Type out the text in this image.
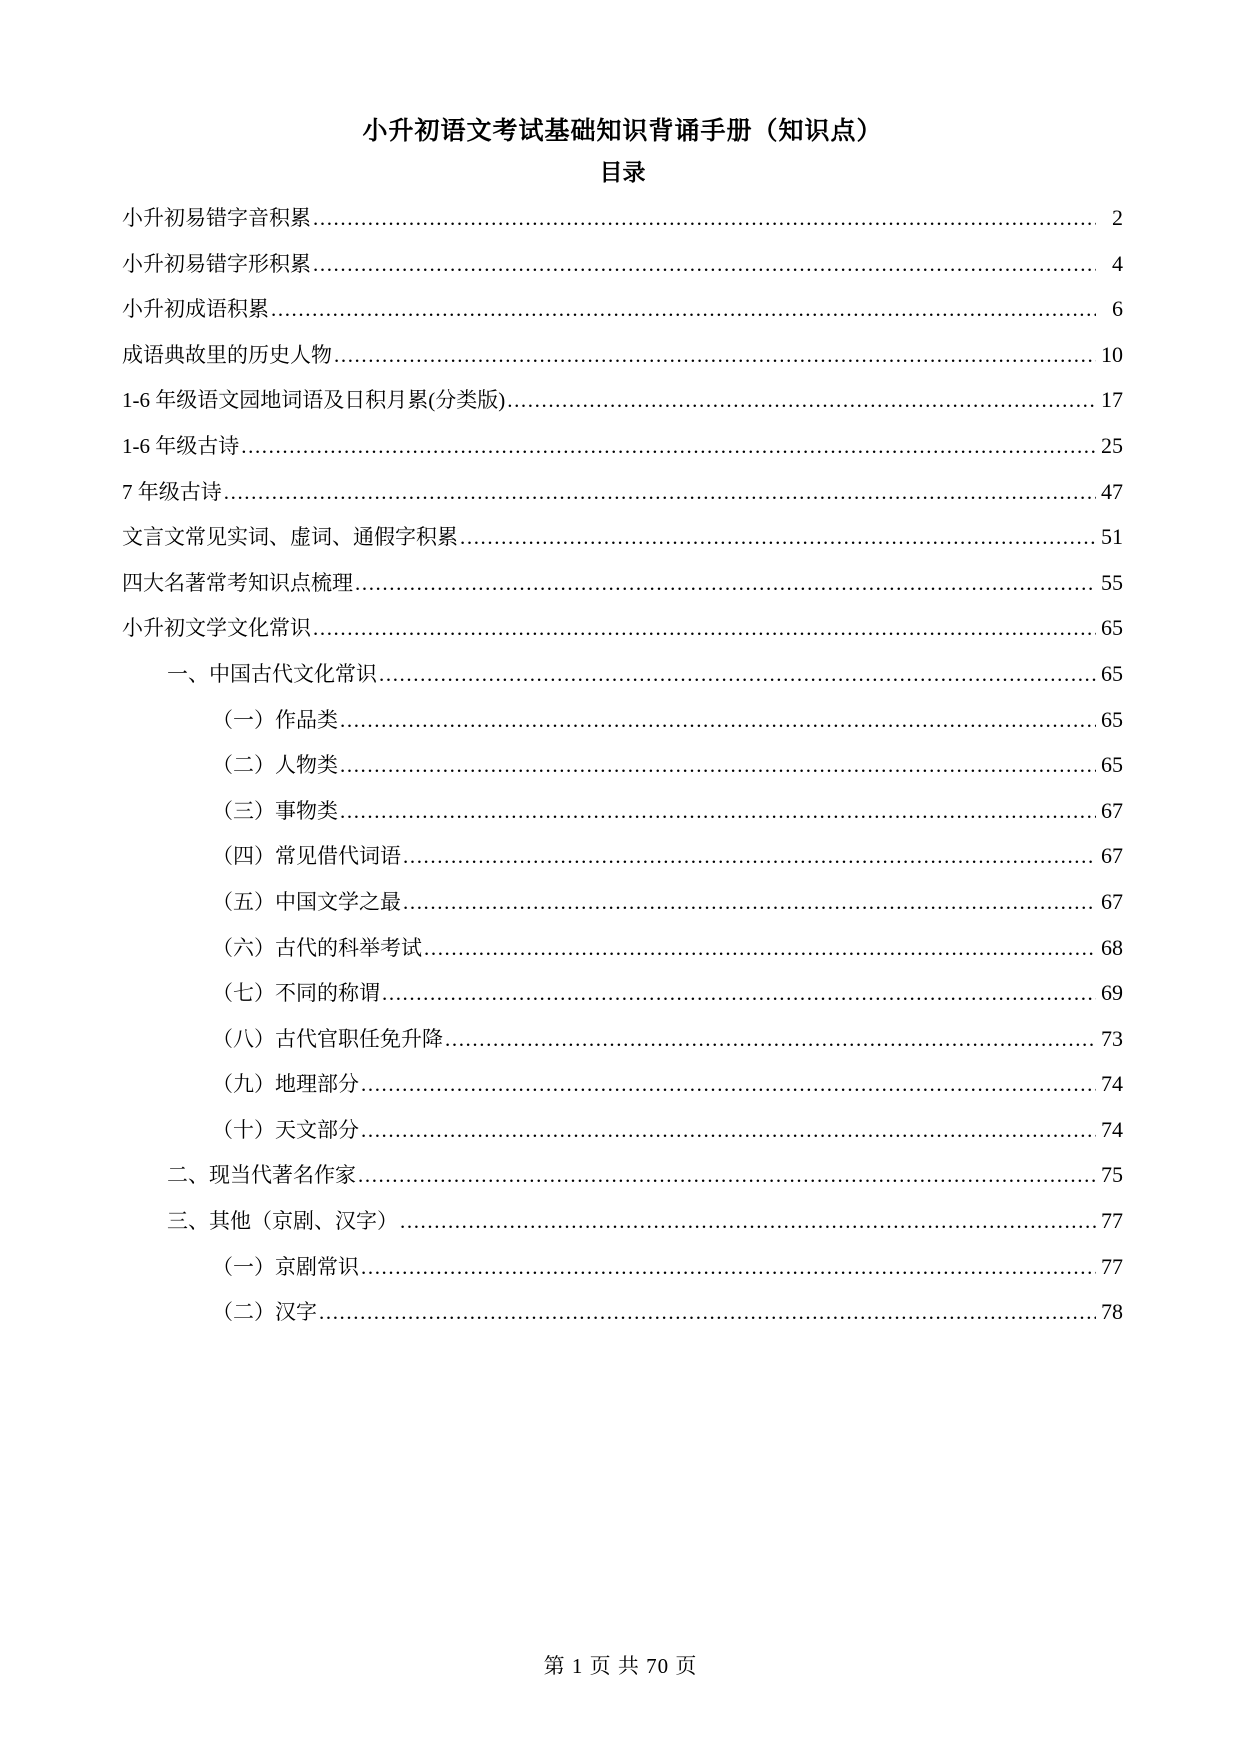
小升初语文考试基础知识背诵手册（知识点）
目录
小升初易错字音积累 .....	2
小升初易错字形积累 .....	4
小升初成语积累 .....	6
成语典故里的历史人物 .....	10
1-6 年级语文园地词语及日积月累(分类版) .....	17
1-6 年级古诗 .....	25
7 年级古诗 .....	47
文言文常见实词、虚词、通假字积累 .....	51
四大名著常考知识点梳理 .....	55
小升初文学文化常识 .....	65
一、中国古代文化常识 .....	65
（一）作品类 .....	65
（二）人物类 .....	65
（三）事物类 .....	67
（四）常见借代词语 .....	67
（五）中国文学之最 .....	67
（六）古代的科举考试 .....	68
（七）不同的称谓 .....	69
（八）古代官职任免升降 .....	73
（九）地理部分 .....	74
（十）天文部分 .....	74
二、现当代著名作家 .....	75
三、其他（京剧、汉字） .....	77
（一）京剧常识 .....	77
（二）汉字 .....	78
第 1 页 共 70 页
